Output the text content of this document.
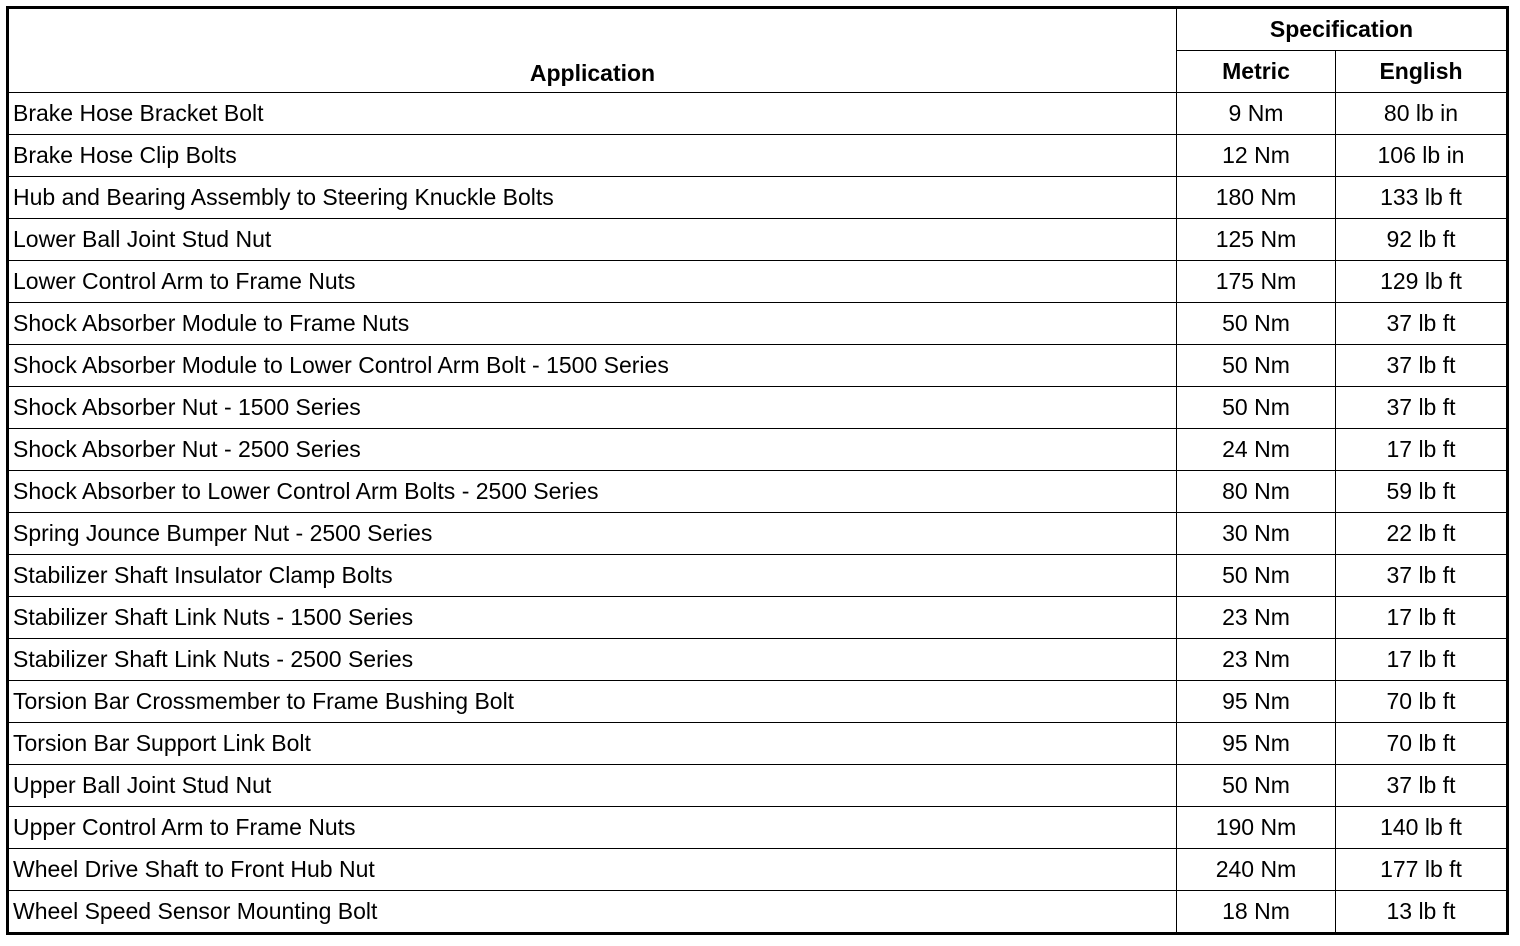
Application	Specification	
	Metric	English
Brake Hose Bracket Bolt	9 Nm	80 lb in
Brake Hose Clip Bolts	12 Nm	106 lb in
Hub and Bearing Assembly to Steering Knuckle Bolts	180 Nm	133 lb ft
Lower Ball Joint Stud Nut	125 Nm	92 lb ft
Lower Control Arm to Frame Nuts	175 Nm	129 lb ft
Shock Absorber Module to Frame Nuts	50 Nm	37 lb ft
Shock Absorber Module to Lower Control Arm Bolt - 1500 Series	50 Nm	37 lb ft
Shock Absorber Nut - 1500 Series	50 Nm	37 lb ft
Shock Absorber Nut - 2500 Series	24 Nm	17 lb ft
Shock Absorber to Lower Control Arm Bolts - 2500 Series	80 Nm	59 lb ft
Spring Jounce Bumper Nut - 2500 Series	30 Nm	22 lb ft
Stabilizer Shaft Insulator Clamp Bolts	50 Nm	37 lb ft
Stabilizer Shaft Link Nuts - 1500 Series	23 Nm	17 lb ft
Stabilizer Shaft Link Nuts - 2500 Series	23 Nm	17 lb ft
Torsion Bar Crossmember to Frame Bushing Bolt	95 Nm	70 lb ft
Torsion Bar Support Link Bolt	95 Nm	70 lb ft
Upper Ball Joint Stud Nut	50 Nm	37 lb ft
Upper Control Arm to Frame Nuts	190 Nm	140 lb ft
Wheel Drive Shaft to Front Hub Nut	240 Nm	177 lb ft
Wheel Speed Sensor Mounting Bolt	18 Nm	13 lb ft
